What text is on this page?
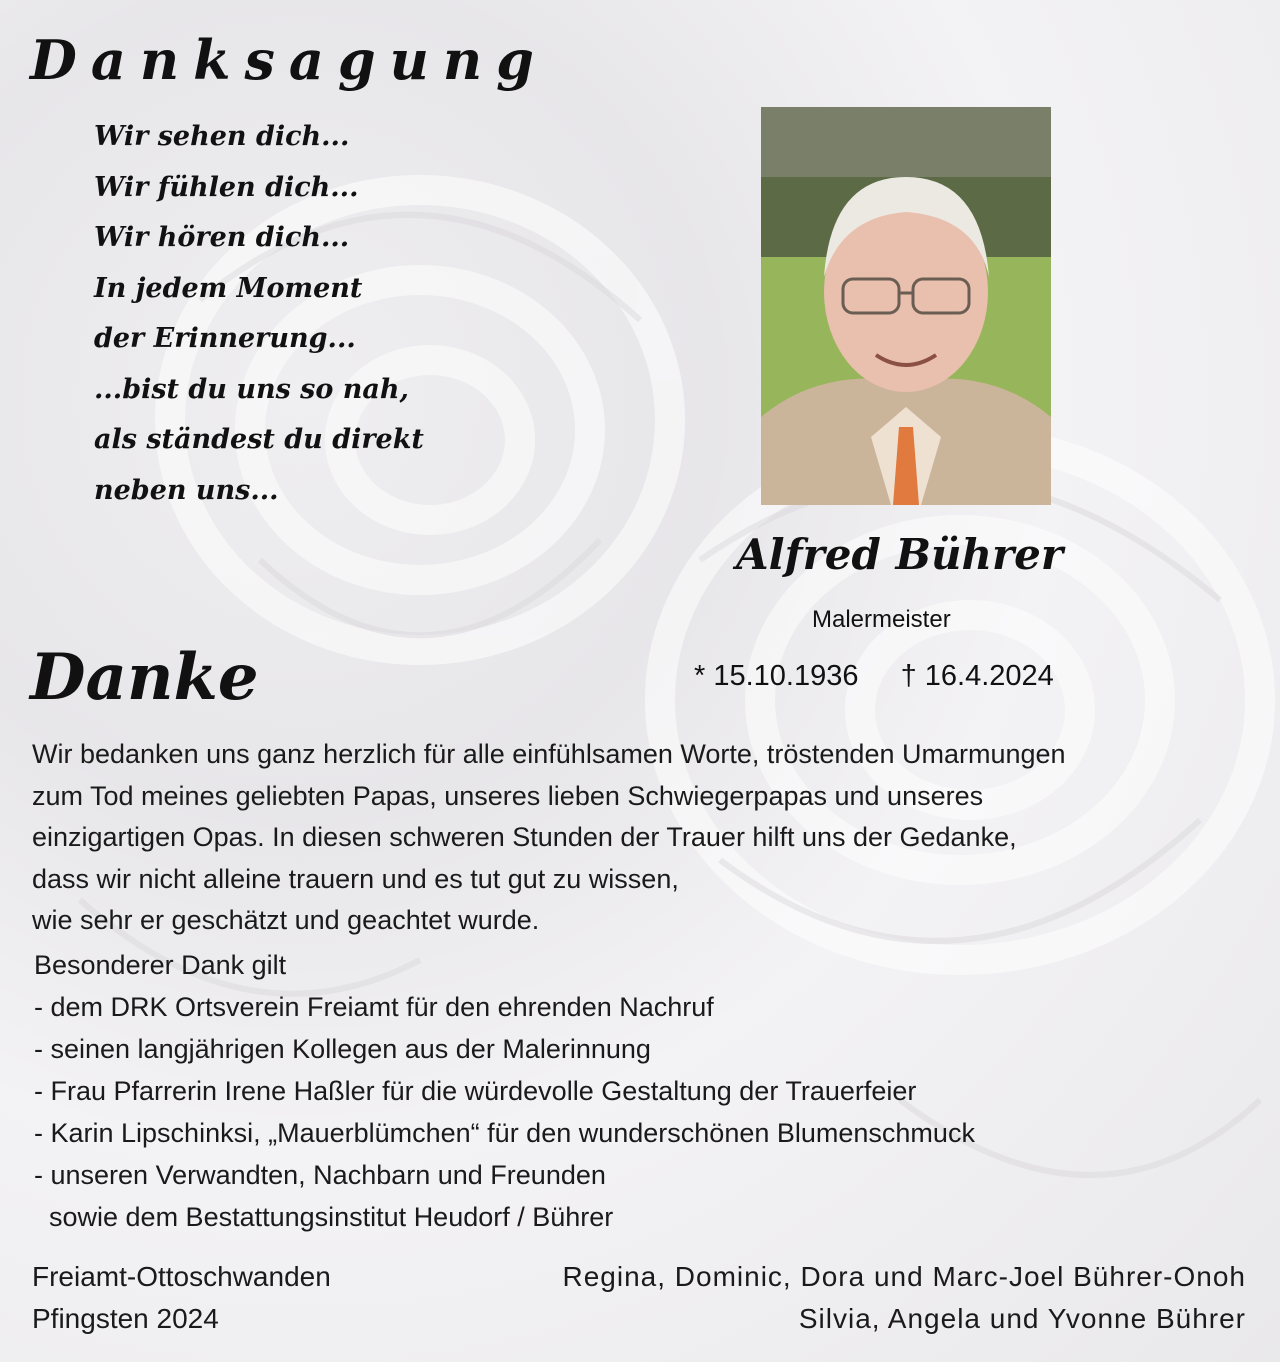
Danksagung
Wir sehen dich...
Wir fühlen dich...
Wir hören dich...
In jedem Moment
der Erinnerung...
...bist du uns so nah,
als ständest du direkt
neben uns...
Alfred Bührer
Malermeister
* 15.10.1936 † 16.4.2024
Danke
Wir bedanken uns ganz herzlich für alle einfühlsamen Worte, tröstenden Umarmungen
zum Tod meines geliebten Papas, unseres lieben Schwiegerpapas und unseres
einzigartigen Opas. In diesen schweren Stunden der Trauer hilft uns der Gedanke,
dass wir nicht alleine trauern und es tut gut zu wissen,
wie sehr er geschätzt und geachtet wurde.
Besonderer Dank gilt
- dem DRK Ortsverein Freiamt für den ehrenden Nachruf
- seinen langjährigen Kollegen aus der Malerinnung
- Frau Pfarrerin Irene Haßler für die würdevolle Gestaltung der Trauerfeier
- Karin Lipschinksi, „Mauerblümchen“ für den wunderschönen Blumenschmuck
- unseren Verwandten, Nachbarn und Freunden
sowie dem Bestattungsinstitut Heudorf / Bührer
Freiamt-Ottoschwanden
Pfingsten 2024
Regina, Dominic, Dora und Marc-Joel Bührer-Onoh
Silvia, Angela und Yvonne Bührer
